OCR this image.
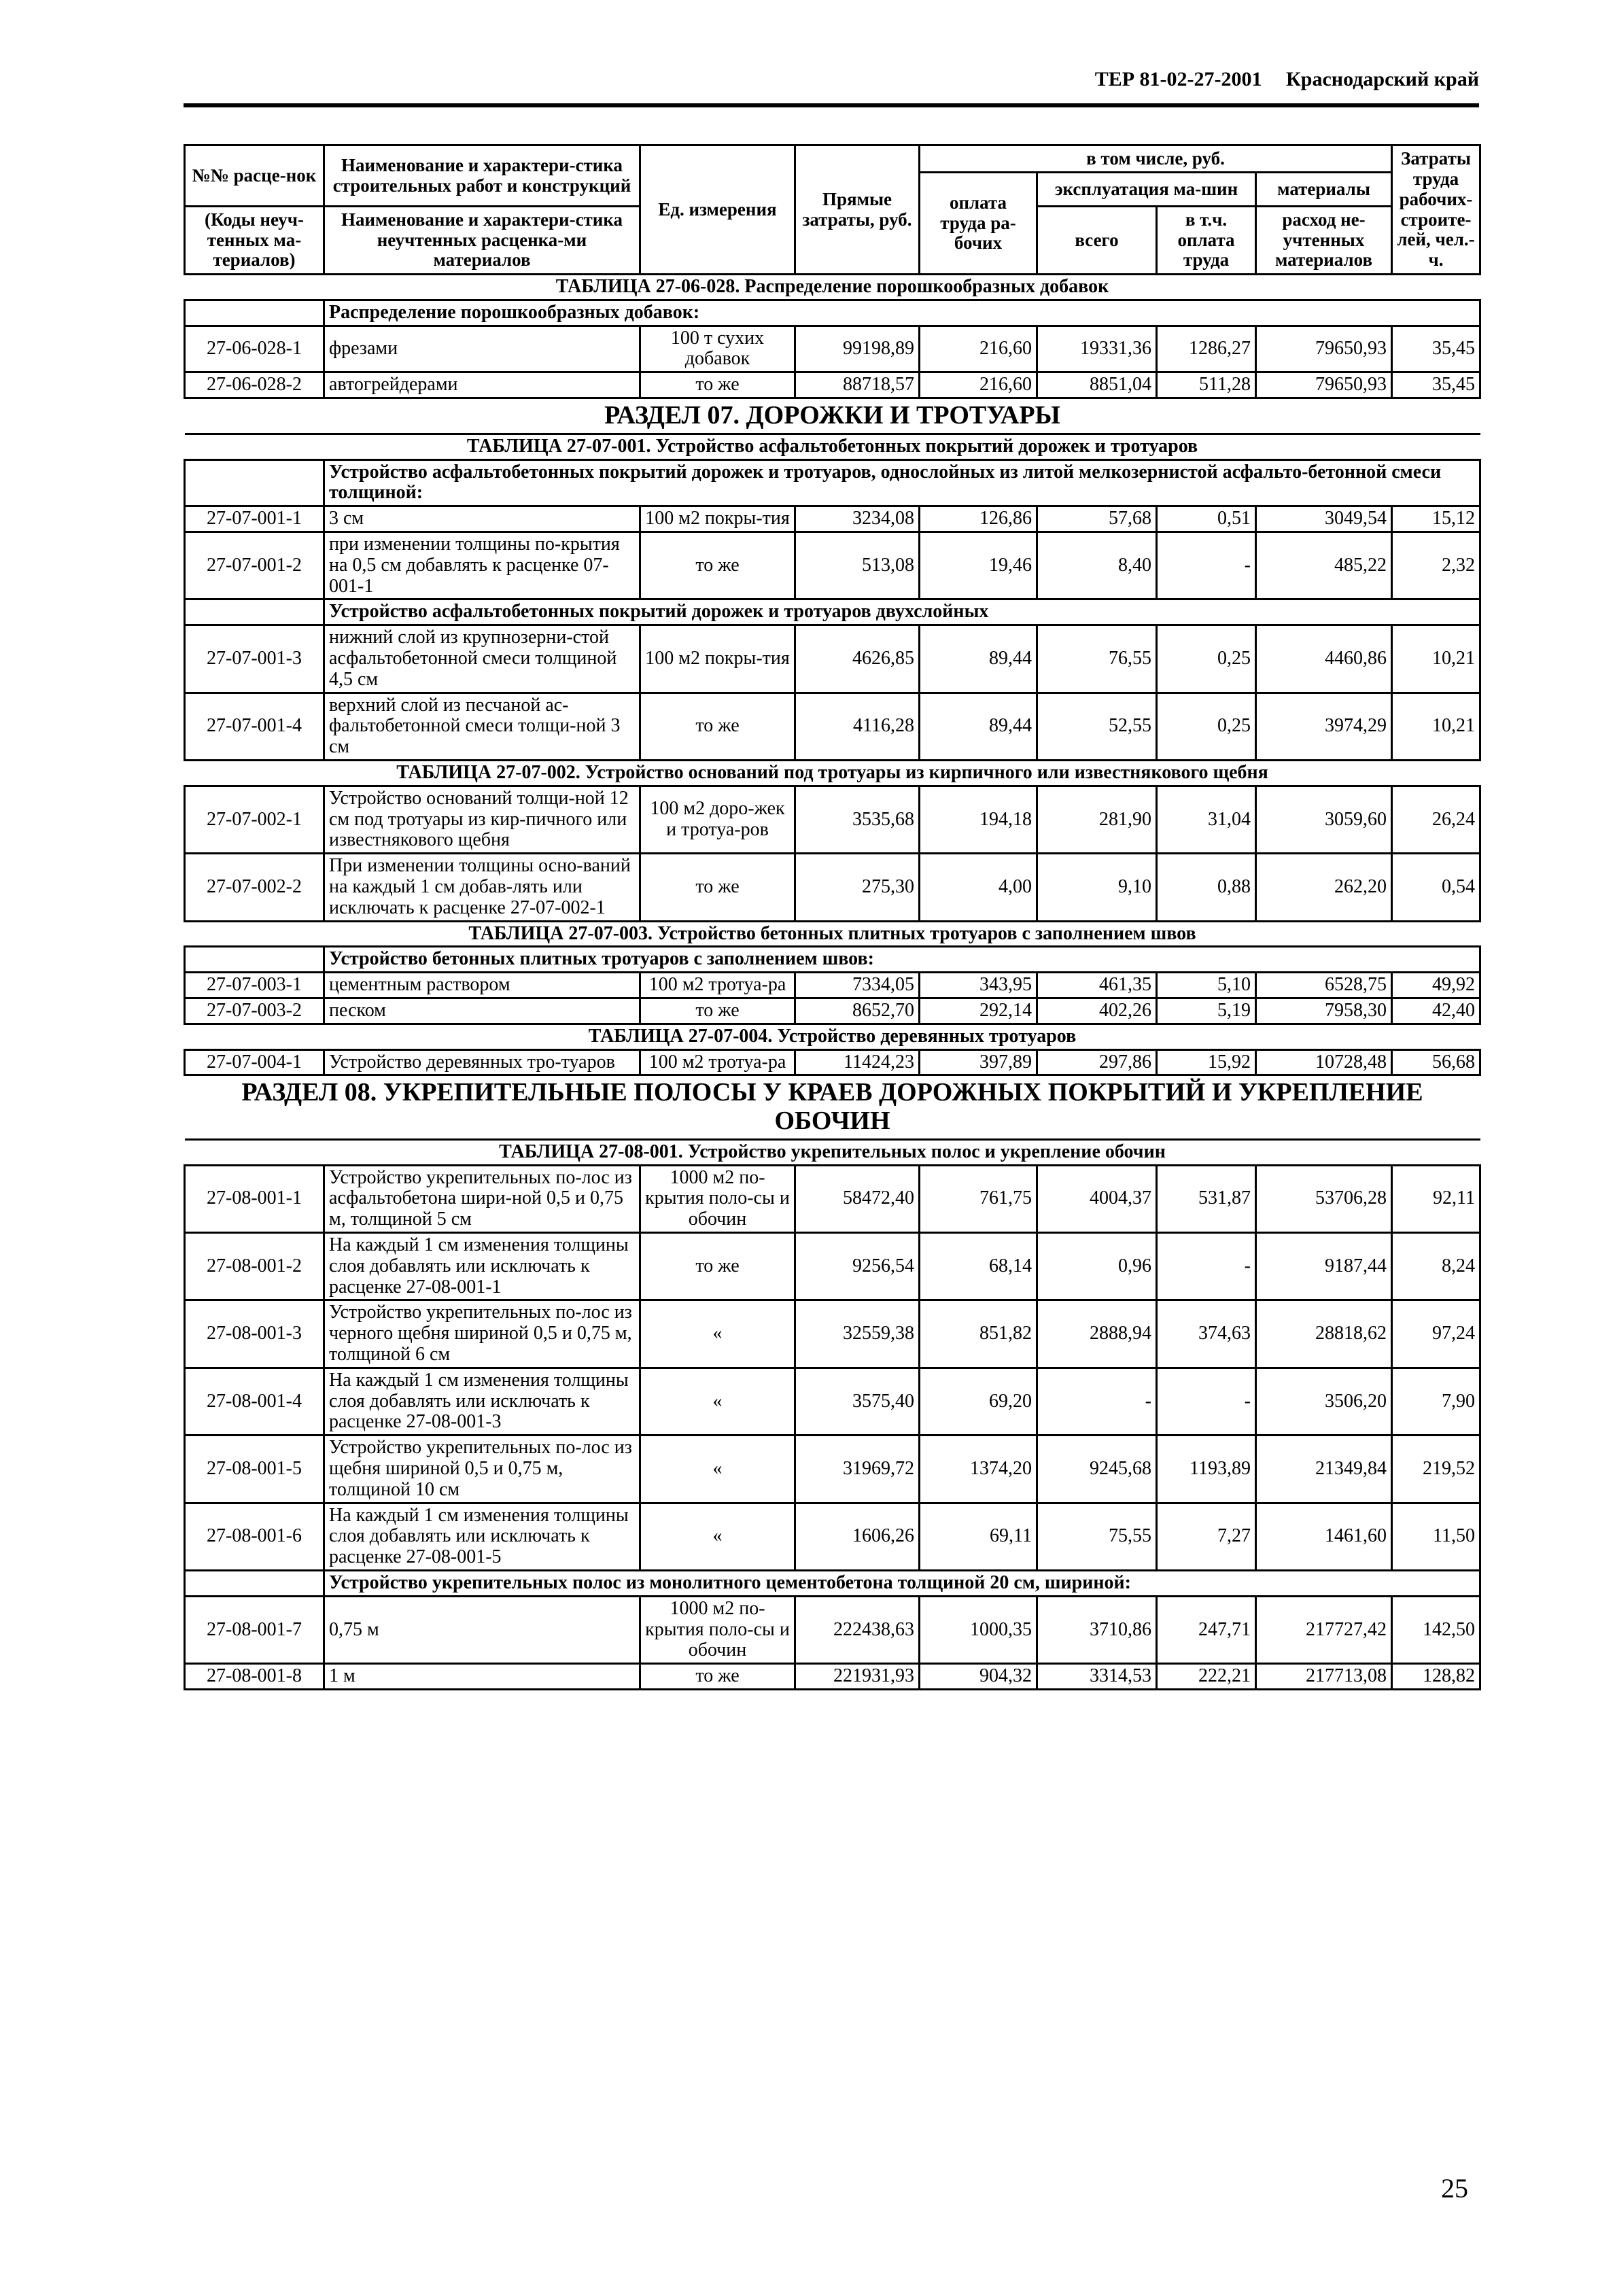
ТЕР 81-02-27-2001 Краснодарский край
№№ расце-нок	Наименование и характери-стика строительных работ и конструкций	Ед. измерения	Прямые затраты, руб.	в том числе, руб.				Затраты труда рабочих-строите-лей, чел.-ч.
				оплата труда ра-бочих	эксплуатация ма-шин		материалы	

(Коды неуч-тенных ма-териалов)	Наименование и характери-стика неучтенных расценка-ми материалов				всего	в т.ч. оплата труда	расход не-учтенных материалов	

ТАБЛИЦА 27-06-028. Распределение порошкообразных добавок								
	Распределение порошкообразных добавок:							
27-06-028-1	фрезами	100 т сухих добавок	99198,89	216,60	19331,36	1286,27	79650,93	35,45
27-06-028-2	автогрейдерами	то же	88718,57	216,60	8851,04	511,28	79650,93	35,45
РАЗДЕЛ 07. ДОРОЖКИ И ТРОТУАРЫ								
ТАБЛИЦА 27-07-001. Устройство асфальтобетонных покрытий дорожек и тротуаров								
	Устройство асфальтобетонных покрытий дорожек и тротуаров, однослойных из литой мелкозернистой асфальто-бетонной смеси толщиной:							
27-07-001-1	3 см	100 м2 покры-тия	3234,08	126,86	57,68	0,51	3049,54	15,12
27-07-001-2	при изменении толщины по-крытия на 0,5 см добавлять к расценке 07-001-1	то же	513,08	19,46	8,40	-	485,22	2,32
	Устройство асфальтобетонных покрытий дорожек и тротуаров двухслойных							
27-07-001-3	нижний слой из крупнозерни-стой асфальтобетонной смеси толщиной 4,5 см	100 м2 покры-тия	4626,85	89,44	76,55	0,25	4460,86	10,21
27-07-001-4	верхний слой из песчаной ас-фальтобетонной смеси толщи-ной 3 см	то же	4116,28	89,44	52,55	0,25	3974,29	10,21
ТАБЛИЦА 27-07-002. Устройство оснований под тротуары из кирпичного или известнякового щебня								
27-07-002-1	Устройство оснований толщи-ной 12 см под тротуары из кир-пичного или известнякового щебня	100 м2 доро-жек и тротуа-ров	3535,68	194,18	281,90	31,04	3059,60	26,24
27-07-002-2	При изменении толщины осно-ваний на каждый 1 см добав-лять или исключать к расценке 27-07-002-1	то же	275,30	4,00	9,10	0,88	262,20	0,54
ТАБЛИЦА 27-07-003. Устройство бетонных плитных тротуаров с заполнением швов								
	Устройство бетонных плитных тротуаров с заполнением швов:							
27-07-003-1	цементным раствором	100 м2 тротуа-ра	7334,05	343,95	461,35	5,10	6528,75	49,92
27-07-003-2	песком	то же	8652,70	292,14	402,26	5,19	7958,30	42,40
ТАБЛИЦА 27-07-004. Устройство деревянных тротуаров								
27-07-004-1	Устройство деревянных тро-туаров	100 м2 тротуа-ра	11424,23	397,89	297,86	15,92	10728,48	56,68
РАЗДЕЛ 08. УКРЕПИТЕЛЬНЫЕ ПОЛОСЫ У КРАЕВ ДОРОЖНЫХ ПОКРЫТИЙ И УКРЕПЛЕНИЕ ОБОЧИН								
ТАБЛИЦА 27-08-001. Устройство укрепительных полос и укрепление обочин								
27-08-001-1	Устройство укрепительных по-лос из асфальтобетона шири-ной 0,5 и 0,75 м, толщиной 5 см	1000 м2 по-крытия поло-сы и обочин	58472,40	761,75	4004,37	531,87	53706,28	92,11
27-08-001-2	На каждый 1 см изменения толщины слоя добавлять или исключать к расценке 27-08-001-1	то же	9256,54	68,14	0,96	-	9187,44	8,24
27-08-001-3	Устройство укрепительных по-лос из черного щебня шириной 0,5 и 0,75 м, толщиной 6 см	«	32559,38	851,82	2888,94	374,63	28818,62	97,24
27-08-001-4	На каждый 1 см изменения толщины слоя добавлять или исключать к расценке 27-08-001-3	«	3575,40	69,20	-	-	3506,20	7,90
27-08-001-5	Устройство укрепительных по-лос из щебня шириной 0,5 и 0,75 м, толщиной 10 см	«	31969,72	1374,20	9245,68	1193,89	21349,84	219,52
27-08-001-6	На каждый 1 см изменения толщины слоя добавлять или исключать к расценке 27-08-001-5	«	1606,26	69,11	75,55	7,27	1461,60	11,50
	Устройство укрепительных полос из монолитного цементобетона толщиной 20 см, шириной:							
27-08-001-7	0,75 м	1000 м2 по-крытия поло-сы и обочин	222438,63	1000,35	3710,86	247,71	217727,42	142,50
27-08-001-8	1 м	то же	221931,93	904,32	3314,53	222,21	217713,08	128,82
25
